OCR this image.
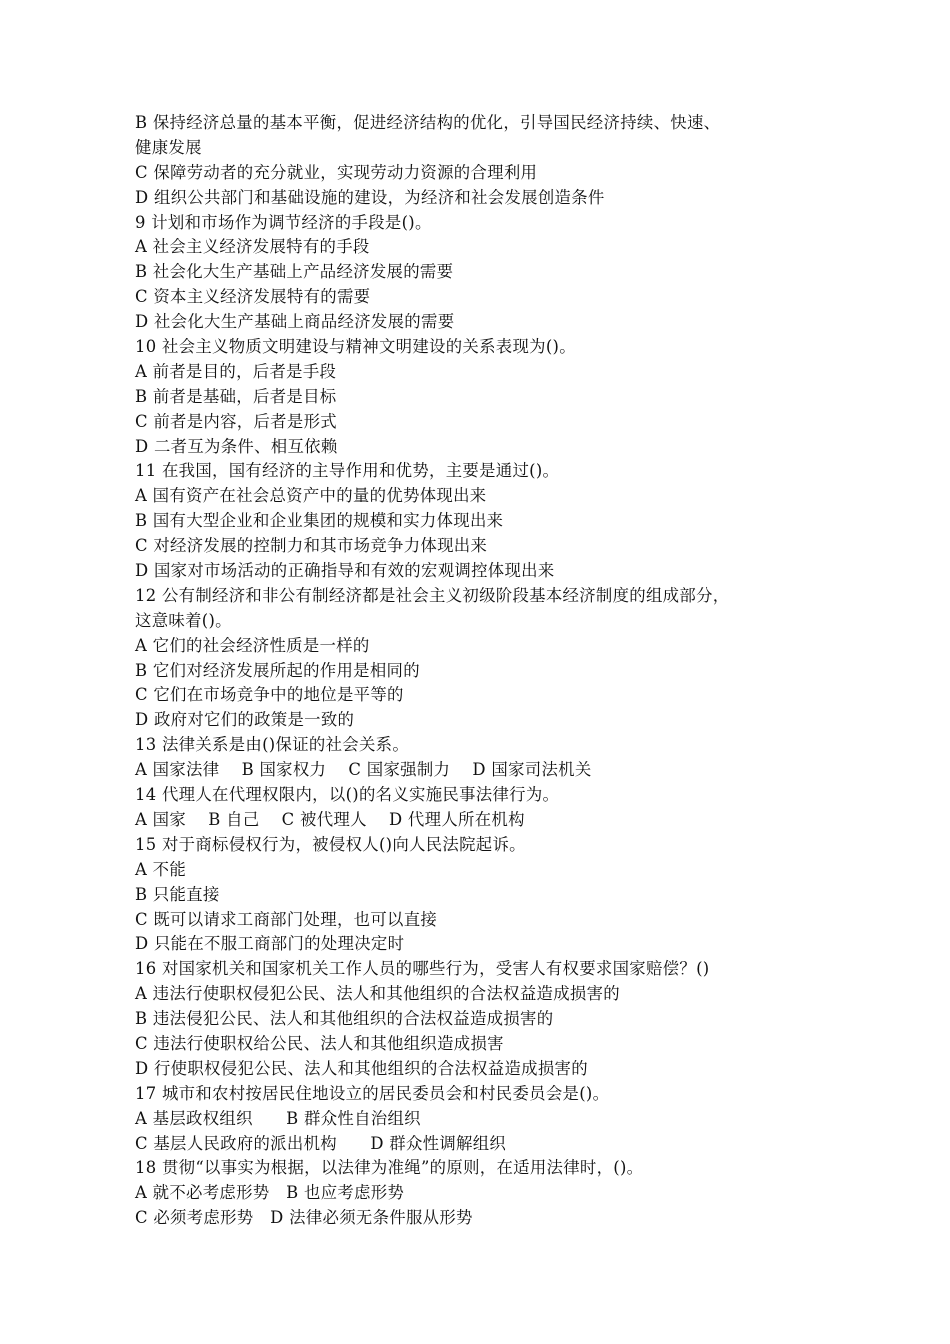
B 保持经济总量的基本平衡，促进经济结构的优化，引导国民经济持续、快速、
健康发展
C 保障劳动者的充分就业，实现劳动力资源的合理利用
D 组织公共部门和基础设施的建设，为经济和社会发展创造条件
9 计划和市场作为调节经济的手段是()。
A 社会主义经济发展特有的手段
B 社会化大生产基础上产品经济发展的需要
C 资本主义经济发展特有的需要
D 社会化大生产基础上商品经济发展的需要
10 社会主义物质文明建设与精神文明建设的关系表现为()。
A 前者是目的，后者是手段
B 前者是基础，后者是目标
C 前者是内容，后者是形式
D 二者互为条件、相互依赖
11 在我国，国有经济的主导作用和优势，主要是通过()。
A 国有资产在社会总资产中的量的优势体现出来
B 国有大型企业和企业集团的规模和实力体现出来
C 对经济发展的控制力和其市场竞争力体现出来
D 国家对市场活动的正确指导和有效的宏观调控体现出来
12 公有制经济和非公有制经济都是社会主义初级阶段基本经济制度的组成部分，
这意味着()。
A 它们的社会经济性质是一样的
B 它们对经济发展所起的作用是相同的
C 它们在市场竞争中的地位是平等的
D 政府对它们的政策是一致的
13 法律关系是由()保证的社会关系。
A 国家法律　 B 国家权力　 C 国家强制力　 D 国家司法机关
14 代理人在代理权限内，以()的名义实施民事法律行为。
A 国家　 B 自己　 C 被代理人　 D 代理人所在机构
15 对于商标侵权行为，被侵权人()向人民法院起诉。
A 不能
B 只能直接
C 既可以请求工商部门处理，也可以直接
D 只能在不服工商部门的处理决定时
16 对国家机关和国家机关工作人员的哪些行为，受害人有权要求国家赔偿？()
A 违法行使职权侵犯公民、法人和其他组织的合法权益造成损害的
B 违法侵犯公民、法人和其他组织的合法权益造成损害的
C 违法行使职权给公民、法人和其他组织造成损害
D 行使职权侵犯公民、法人和其他组织的合法权益造成损害的
17 城市和农村按居民住地设立的居民委员会和村民委员会是()。
A 基层政权组织　　B 群众性自治组织
C 基层人民政府的派出机构　　D 群众性调解组织
18 贯彻“以事实为根据，以法律为准绳”的原则，在适用法律时，()。
A 就不必考虑形势　B 也应考虑形势
C 必须考虑形势　D 法律必须无条件服从形势
